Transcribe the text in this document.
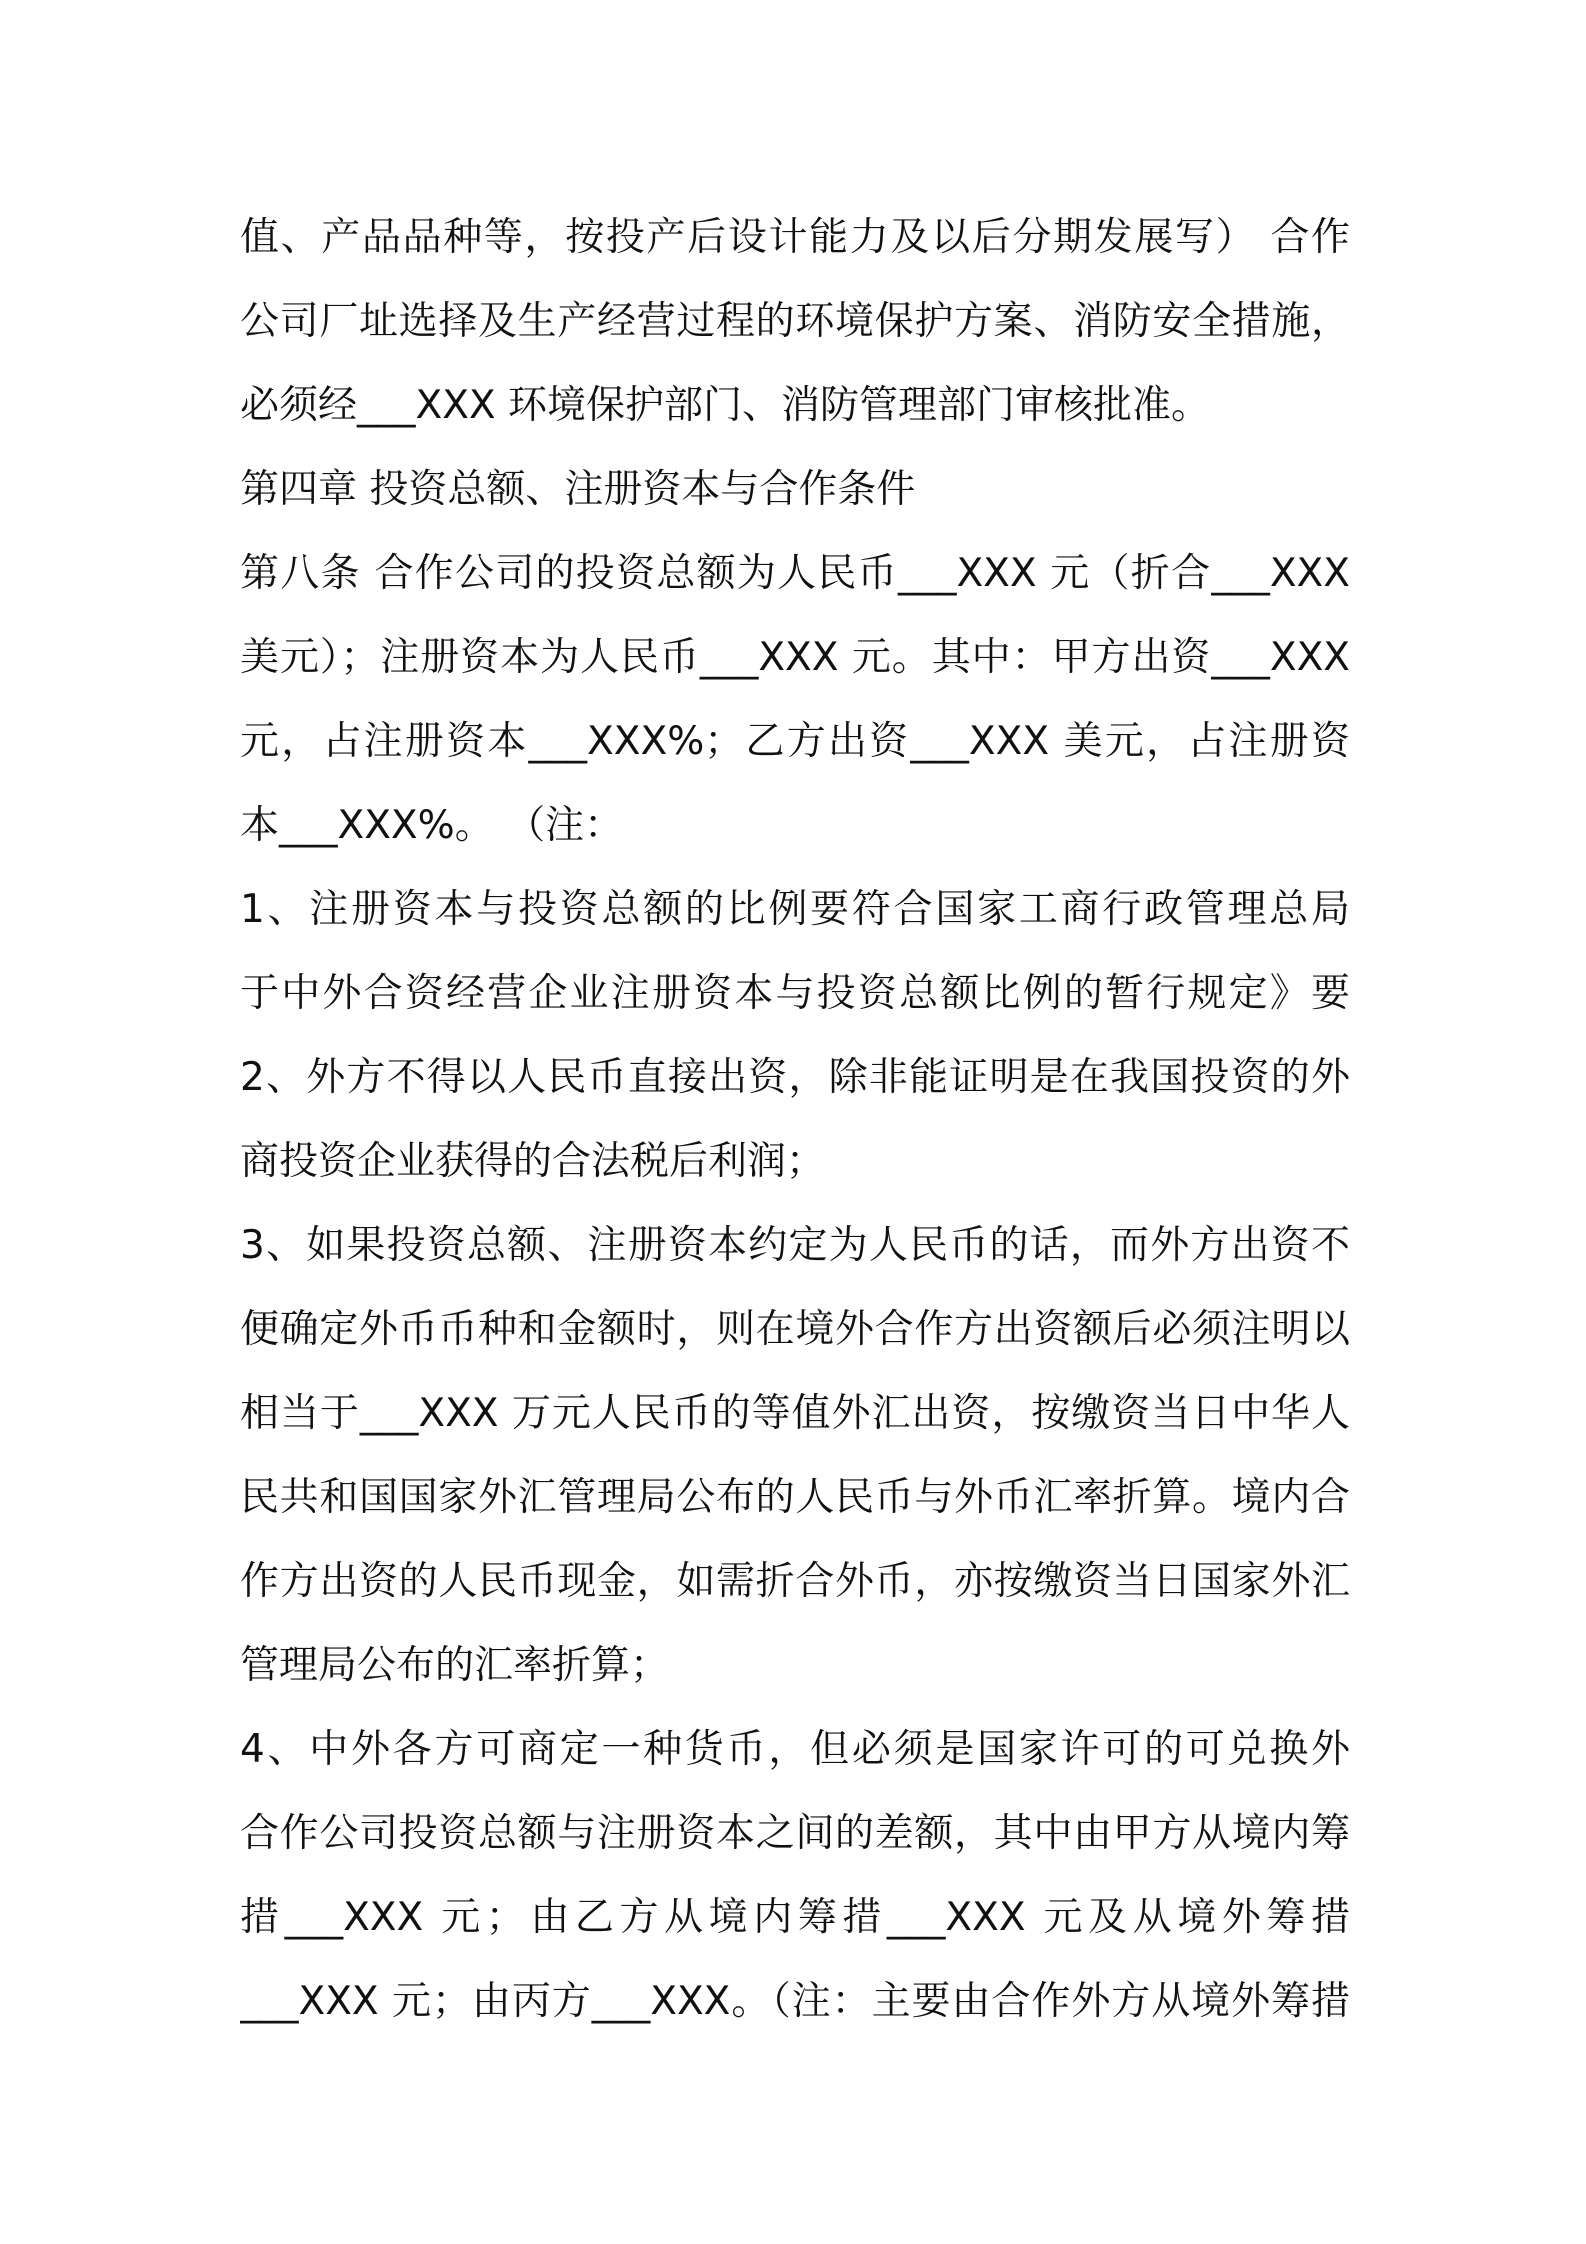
值、产品品种等，按投产后设计能力及以后分期发展写） 合作
公司厂址选择及生产经营过程的环境保护方案、消防安全措施，
必须经___XXX 环境保护部门、消防管理部门审核批准。
第四章 投资总额、注册资本与合作条件
第八条 合作公司的投资总额为人民币___XXX 元（折合___XXX
美元）；注册资本为人民币___XXX 元。其中：甲方出资___XXX
元，占注册资本___XXX%；乙方出资___XXX 美元，占注册资
本___XXX%。 （注：
1、注册资本与投资总额的比例要符合国家工商行政管理总局
于中外合资经营企业注册资本与投资总额比例的暂行规定》要
2、外方不得以人民币直接出资，除非能证明是在我国投资的外
商投资企业获得的合法税后利润；
3、如果投资总额、注册资本约定为人民币的话，而外方出资不
便确定外币币种和金额时，则在境外合作方出资额后必须注明以
相当于___XXX 万元人民币的等值外汇出资，按缴资当日中华人
民共和国国家外汇管理局公布的人民币与外币汇率折算。境内合
作方出资的人民币现金，如需折合外币，亦按缴资当日国家外汇
管理局公布的汇率折算；
4、中外各方可商定一种货币，但必须是国家许可的可兑换外
合作公司投资总额与注册资本之间的差额，其中由甲方从境内筹
措___XXX 元；由乙方从境内筹措___XXX 元及从境外筹措
___XXX 元；由丙方___XXX。（注：主要由合作外方从境外筹措
